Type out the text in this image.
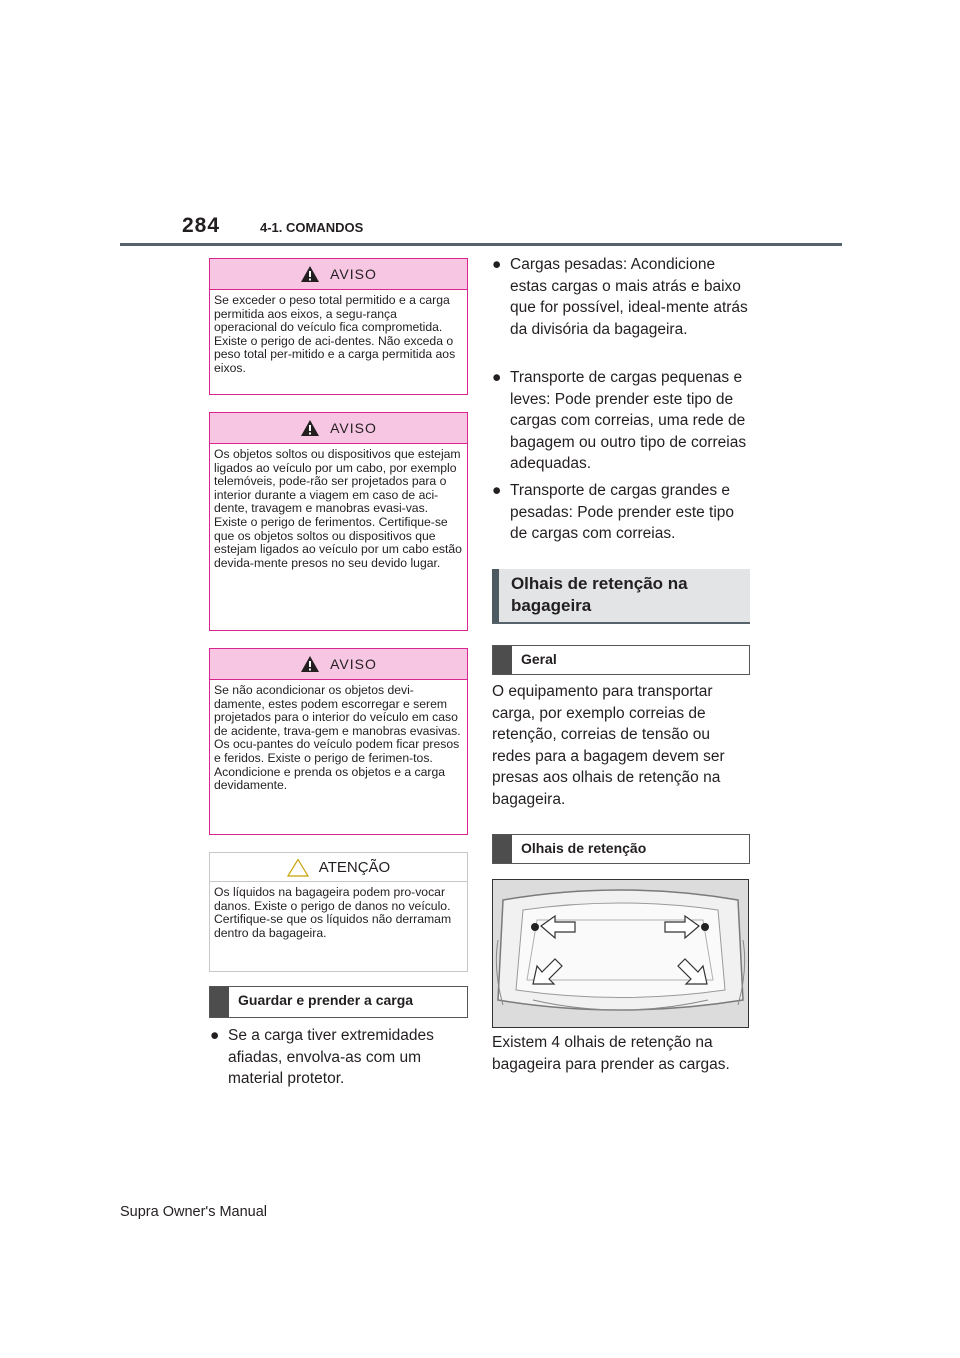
284	4-1. COMANDOS
AVISO
Se exceder o peso total permitido e a carga permitida aos eixos, a segu-rança operacional do veículo fica comprometida. Existe o perigo de aci-dentes. Não exceda o peso total per-mitido e a carga permitida aos eixos.
AVISO
Os objetos soltos ou dispositivos que estejam ligados ao veículo por um cabo, por exemplo telemóveis, pode-rão ser projetados para o interior durante a viagem em caso de aci-dente, travagem e manobras evasi-vas. Existe o perigo de ferimentos. Certifique-se que os objetos soltos ou dispositivos que estejam ligados ao veículo por um cabo estão devida-mente presos no seu devido lugar.
AVISO
Se não acondicionar os objetos devi-damente, estes podem escorregar e serem projetados para o interior do veículo em caso de acidente, trava-gem e manobras evasivas. Os ocu-pantes do veículo podem ficar presos e feridos. Existe o perigo de ferimen-tos. Acondicione e prenda os objetos e a carga devidamente.
ATENÇÃO
Os líquidos na bagageira podem pro-vocar danos. Existe o perigo de danos no veículo. Certifique-se que os líquidos não derramam dentro da bagageira.
Guardar e prender a carga
● Se a carga tiver extremidades afiadas, envolva-as com um material protetor.
● Cargas pesadas: Acondicione estas cargas o mais atrás e baixo que for possível, ideal-mente atrás da divisória da bagageira.
● Transporte de cargas pequenas e leves: Pode prender este tipo de cargas com correias, uma rede de bagagem ou outro tipo de correias adequadas.
● Transporte de cargas grandes e pesadas: Pode prender este tipo de cargas com correias.
Olhais de retenção na bagageira
Geral
O equipamento para transportar carga, por exemplo correias de retenção, correias de tensão ou redes para a bagagem devem ser presas aos olhais de retenção na bagageira.
Olhais de retenção
Existem 4 olhais de retenção na bagageira para prender as cargas.
Supra Owner's Manual
